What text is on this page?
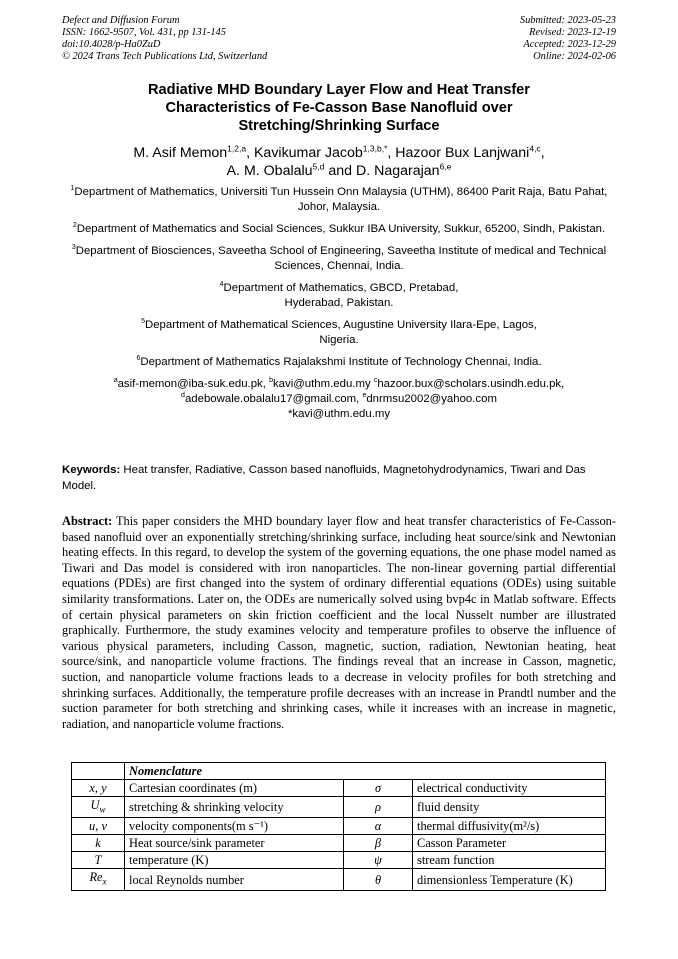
Defect and Diffusion Forum
ISSN: 1662-9507, Vol. 431, pp 131-145
doi:10.4028/p-Ha0ZuD
© 2024 Trans Tech Publications Ltd, Switzerland
Submitted: 2023-05-23
Revised: 2023-12-19
Accepted: 2023-12-29
Online: 2024-02-06
Radiative MHD Boundary Layer Flow and Heat Transfer
Characteristics of Fe-Casson Base Nanofluid over
Stretching/Shrinking Surface
M. Asif Memon$^{1,2,a}$, Kavikumar Jacob$^{1,3,b,*}$, Hazoor Bux Lanjwani$^{4,c}$,
A. M. Obalalu$^{5,d}$ and D. Nagarajan$^{6,e}$
$^1$Department of Mathematics, Universiti Tun Hussein Onn Malaysia (UTHM), 86400 Parit Raja, Batu Pahat, Johor, Malaysia.
$^2$Department of Mathematics and Social Sciences, Sukkur IBA University, Sukkur, 65200, Sindh, Pakistan.
$^3$Department of Biosciences, Saveetha School of Engineering, Saveetha Institute of medical and Technical Sciences, Chennai, India.
$^4$Department of Mathematics, GBCD, Pretabad, Hyderabad, Pakistan.
$^5$Department of Mathematical Sciences, Augustine University Ilara-Epe, Lagos, Nigeria.
$^6$Department of Mathematics Rajalakshmi Institute of Technology Chennai, India.
$^a$asif-memon@iba-suk.edu.pk, $^b$kavi@uthm.edu.my $^c$hazoor.bux@scholars.usindh.edu.pk,
$^d$adebowale.obalalu17@gmail.com, $^e$dnrmsu2002@yahoo.com
*kavi@uthm.edu.my
Keywords: Heat transfer, Radiative, Casson based nanofluids, Magnetohydrodynamics, Tiwari and Das Model.
Abstract: This paper considers the MHD boundary layer flow and heat transfer characteristics of Fe-Casson-based nanofluid over an exponentially stretching/shrinking surface, including heat source/sink and Newtonian heating effects. In this regard, to develop the system of the governing equations, the one phase model named as Tiwari and Das model is considered with iron nanoparticles. The non-linear governing partial differential equations (PDEs) are first changed into the system of ordinary differential equations (ODEs) using suitable similarity transformations. Later on, the ODEs are numerically solved using bvp4c in Matlab software. Effects of certain physical parameters on skin friction coefficient and the local Nusselt number are illustrated graphically. Furthermore, the study examines velocity and temperature profiles to observe the influence of various physical parameters, including Casson, magnetic, suction, radiation, Newtonian heating, heat source/sink, and nanoparticle volume fractions. The findings reveal that an increase in Casson, magnetic, suction, and nanoparticle volume fractions leads to a decrease in velocity profiles for both stretching and shrinking surfaces. Additionally, the temperature profile decreases with an increase in Prandtl number and the suction parameter for both stretching and shrinking cases, while it increases with an increase in magnetic, radiation, and nanoparticle volume fractions.
	Nomenclature		
x, y	Cartesian coordinates (m)	σ	electrical conductivity
$U_w$	stretching & shrinking velocity	ρ	fluid density
u, v	velocity components(m s⁻¹)	α	thermal diffusivity(m²/s)
k	Heat source/sink parameter	β	Casson Parameter
T	temperature (K)	ψ	stream function
$Re_x$	local Reynolds number	θ	dimensionless Temperature (K)
